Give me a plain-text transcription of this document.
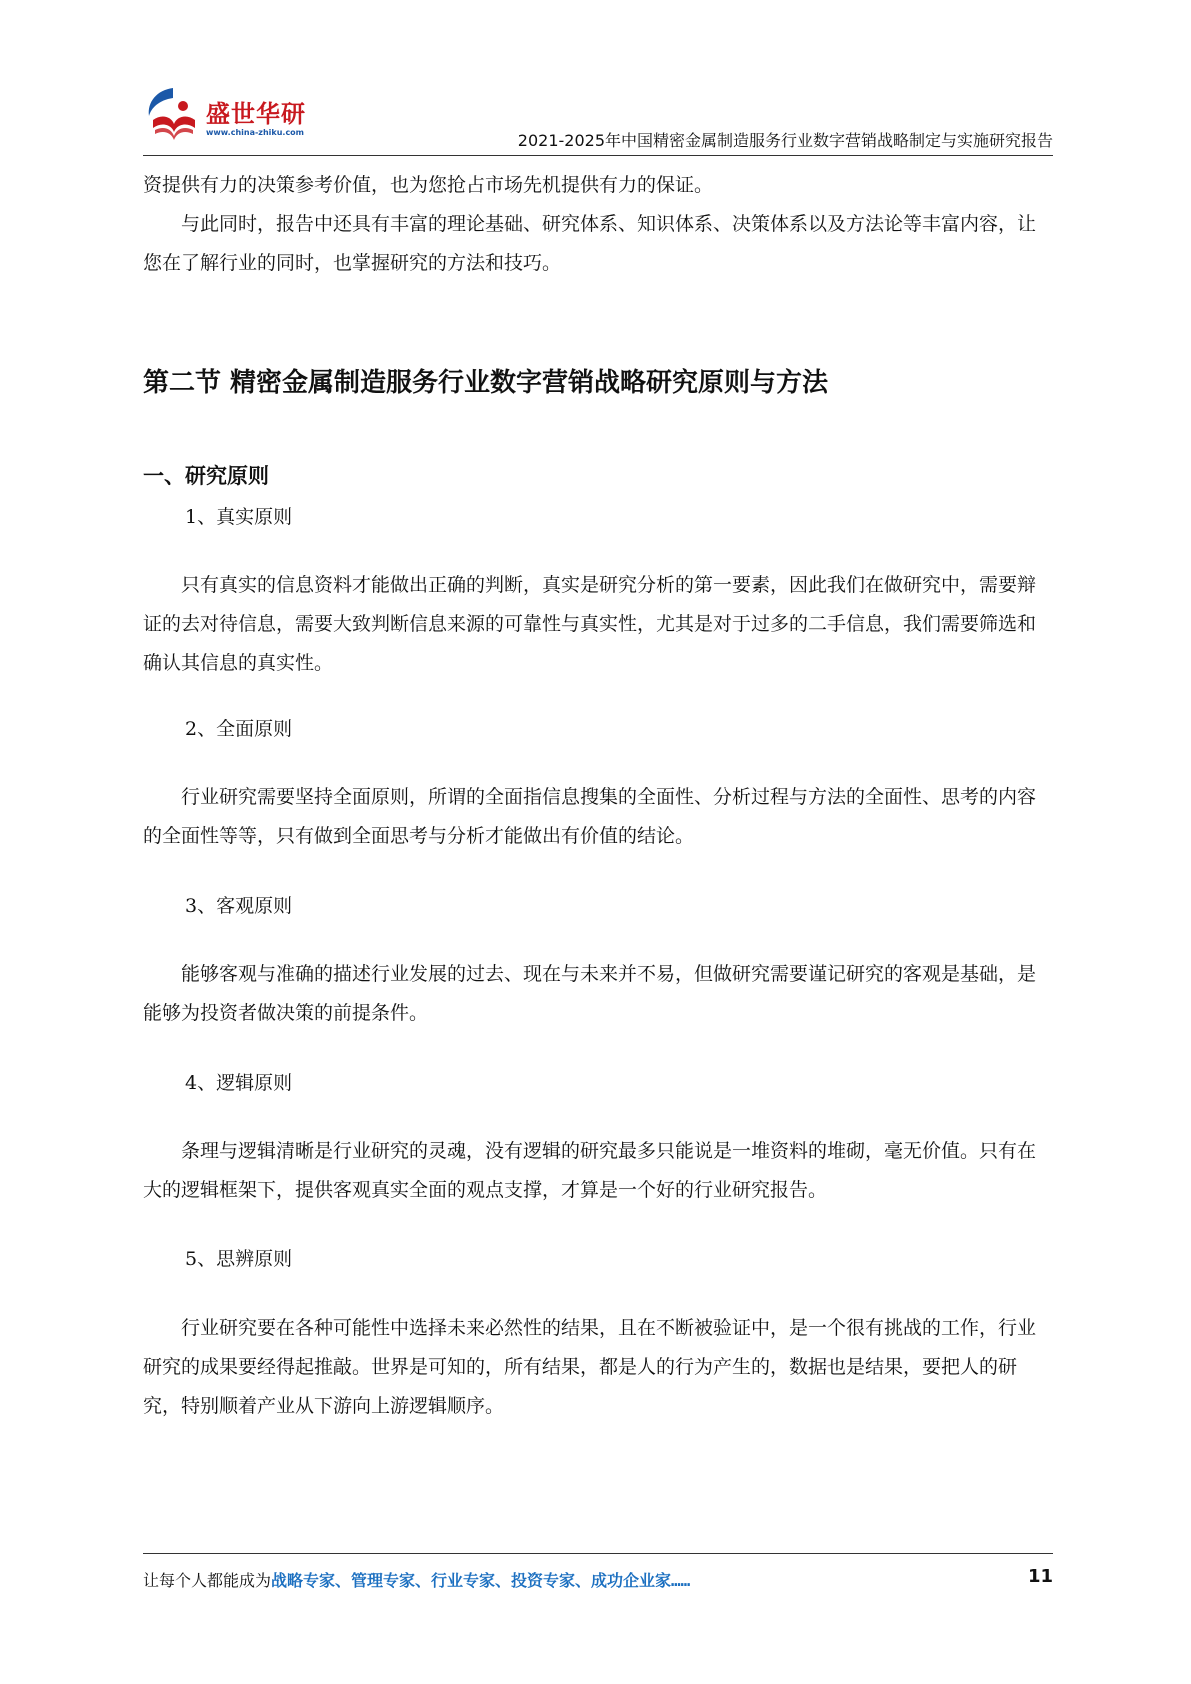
盛世华研
www.china-zhiku.com	2021-2025年中国精密金属制造服务行业数字营销战略制定与实施研究报告

资提供有力的决策参考价值，也为您抢占市场先机提供有力的保证。

与此同时，报告中还具有丰富的理论基础、研究体系、知识体系、决策体系以及方法论等丰富内容，让您在了解行业的同时，也掌握研究的方法和技巧。

第二节 精密金属制造服务行业数字营销战略研究原则与方法
一、研究原则
1、真实原则

只有真实的信息资料才能做出正确的判断，真实是研究分析的第一要素，因此我们在做研究中，需要辩证的去对待信息，需要大致判断信息来源的可靠性与真实性，尤其是对于过多的二手信息，我们需要筛选和确认其信息的真实性。

2、全面原则

行业研究需要坚持全面原则，所谓的全面指信息搜集的全面性、分析过程与方法的全面性、思考的内容的全面性等等，只有做到全面思考与分析才能做出有价值的结论。

3、客观原则

能够客观与准确的描述行业发展的过去、现在与未来并不易，但做研究需要谨记研究的客观是基础，是能够为投资者做决策的前提条件。

4、逻辑原则

条理与逻辑清晰是行业研究的灵魂，没有逻辑的研究最多只能说是一堆资料的堆砌，毫无价值。只有在大的逻辑框架下，提供客观真实全面的观点支撑，才算是一个好的行业研究报告。

5、思辨原则

行业研究要在各种可能性中选择未来必然性的结果，且在不断被验证中，是一个很有挑战的工作，行业研究的成果要经得起推敲。世界是可知的，所有结果，都是人的行为产生的，数据也是结果，要把人的研究，特别顺着产业从下游向上游逻辑顺序。

让每个人都能成为战略专家、管理专家、行业专家、投资专家、成功企业家……	11
